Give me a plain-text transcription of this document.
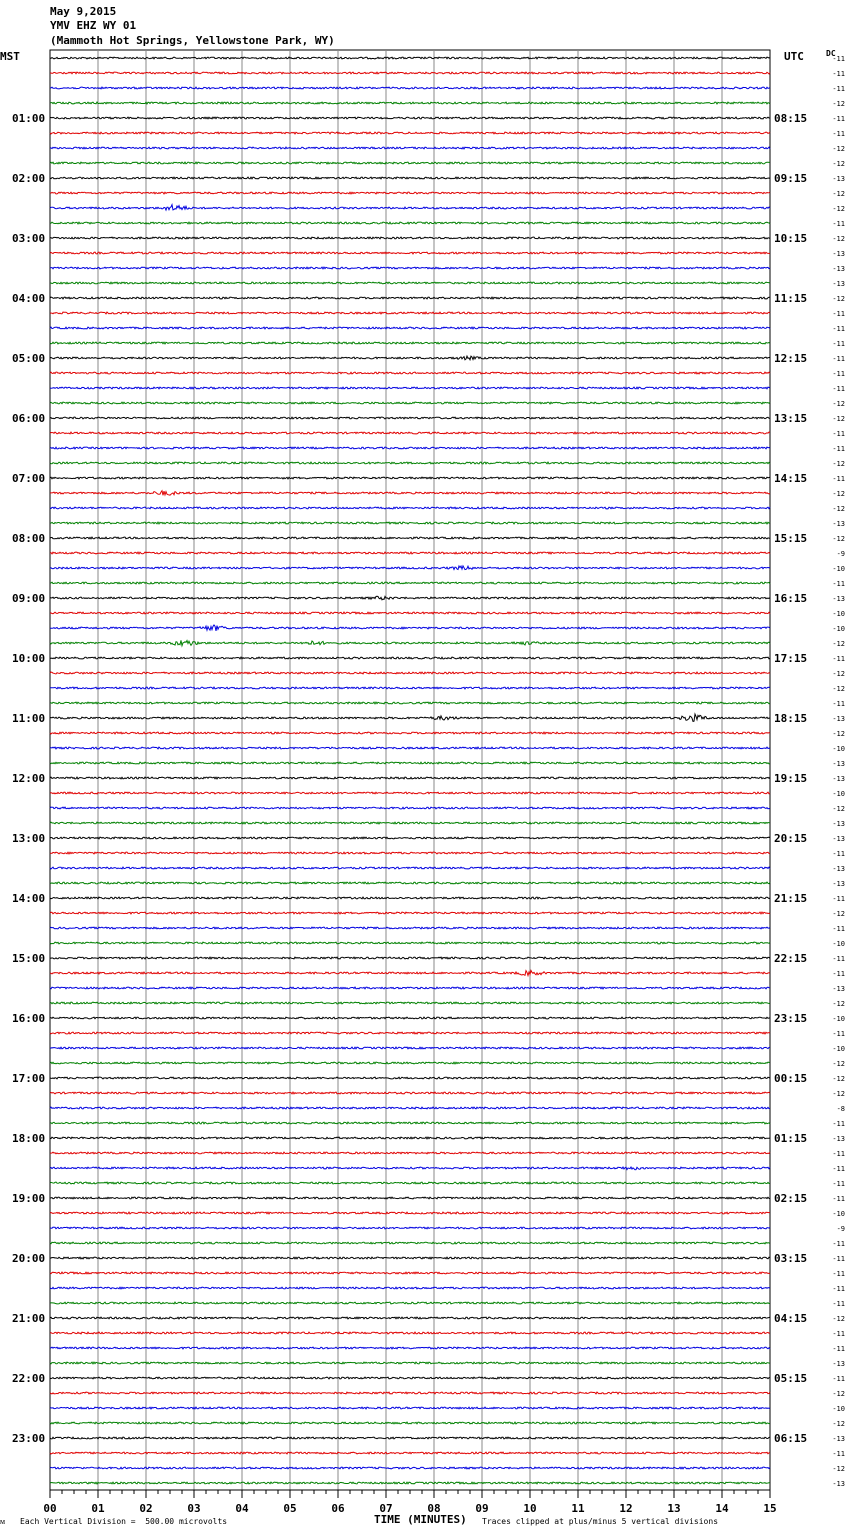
May 9,2015
YMV EHZ WY 01
(Mammoth Hot Springs, Yellowstone Park, WY)
MST	UTC	DC
-11
-11
-11
-12
-11
-11
-12
-12
-13
-12
-12
-11
-12
-13
-13
-13
-12
-11
-11
-11
-11
-11
-11
-12
-12
-11
-11
-12
-11
-12
-12
-13
-12
-9
-10
-11
-13
-10
-10
-12
-11
-12
-12
-11
-13
-12
-10
-13
-13
-10
-12
-13
-13
-11
-13
-13
-11
-12
-11
-10
-11
-11
-13
-12
-10
-11
-10
-12
-12
-12
-8
-11
-13
-11
-11
-11
-11
-10
-9
-11
-11
-11
-11
-11
-12
-11
-11
-13
-11
-12
-10
-12
-13
-11
-12
-13
01:00	08:15
02:00	09:15
03:00	10:15
04:00	11:15
05:00	12:15
06:00	13:15
07:00	14:15
08:00	15:15
09:00	16:15
10:00	17:15
11:00	18:15
12:00	19:15
13:00	20:15
14:00	21:15
15:00	22:15
16:00	23:15
17:00	00:15
18:00	01:15
19:00	02:15
20:00	03:15
21:00	04:15
22:00	05:15
23:00	06:15
00	01	02	03	04	05	06	07	08	09	10	11	12	13	14	15
ᴍ Each Vertical Division =  500.00 microvolts	TIME (MINUTES) Traces clipped at plus/minus 5 vertical divisions
